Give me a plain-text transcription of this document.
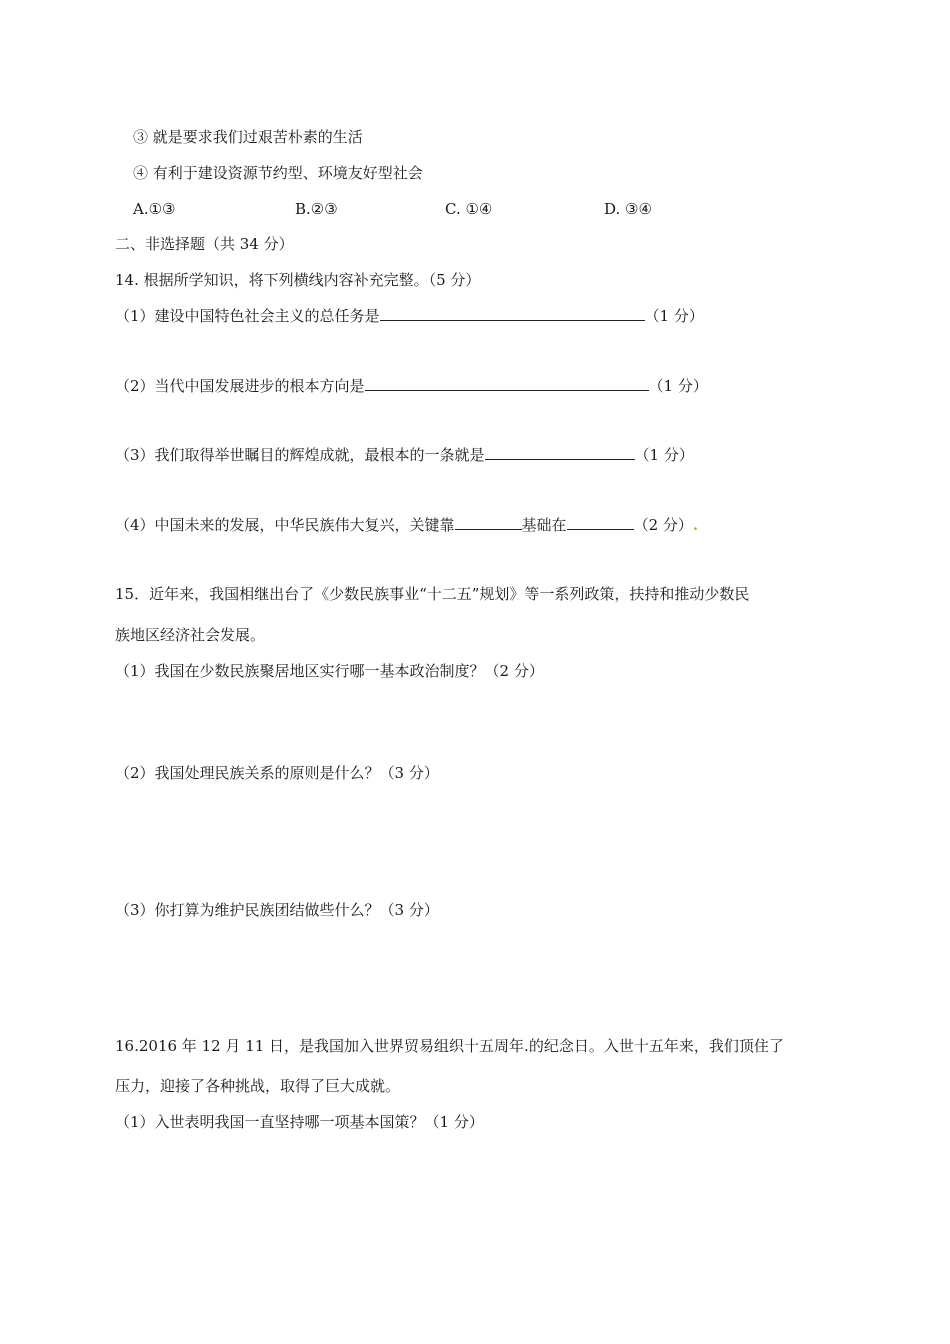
③ 就是要求我们过艰苦朴素的生活
④ 有利于建设资源节约型、环境友好型社会
A.①③	B.②③	C. ①④	D. ③④
二、非选择题（共 34 分）
14. 根据所学知识，将下列横线内容补充完整。（5 分）
（1）建设中国特色社会主义的总任务是	（1 分）
（2）当代中国发展进步的根本方向是	（1 分）
（3）我们取得举世瞩目的辉煌成就，最根本的一条就是	（1 分）
（4）中国未来的发展，中华民族伟大复兴，关键靠	基础在	（2 分）.
15．近年来，我国相继出台了《少数民族事业“十二五”规划》等一系列政策，扶持和推动少数民
族地区经济社会发展。
（1）我国在少数民族聚居地区实行哪一基本政治制度？（2 分）
（2）我国处理民族关系的原则是什么？（3 分）
（3）你打算为维护民族团结做些什么？（3 分）
16.2016 年 12 月 11 日，是我国加入世界贸易组织十五周年.的纪念日。入世十五年来，我们顶住了
压力，迎接了各种挑战，取得了巨大成就。
（1）入世表明我国一直坚持哪一项基本国策？（1 分）
